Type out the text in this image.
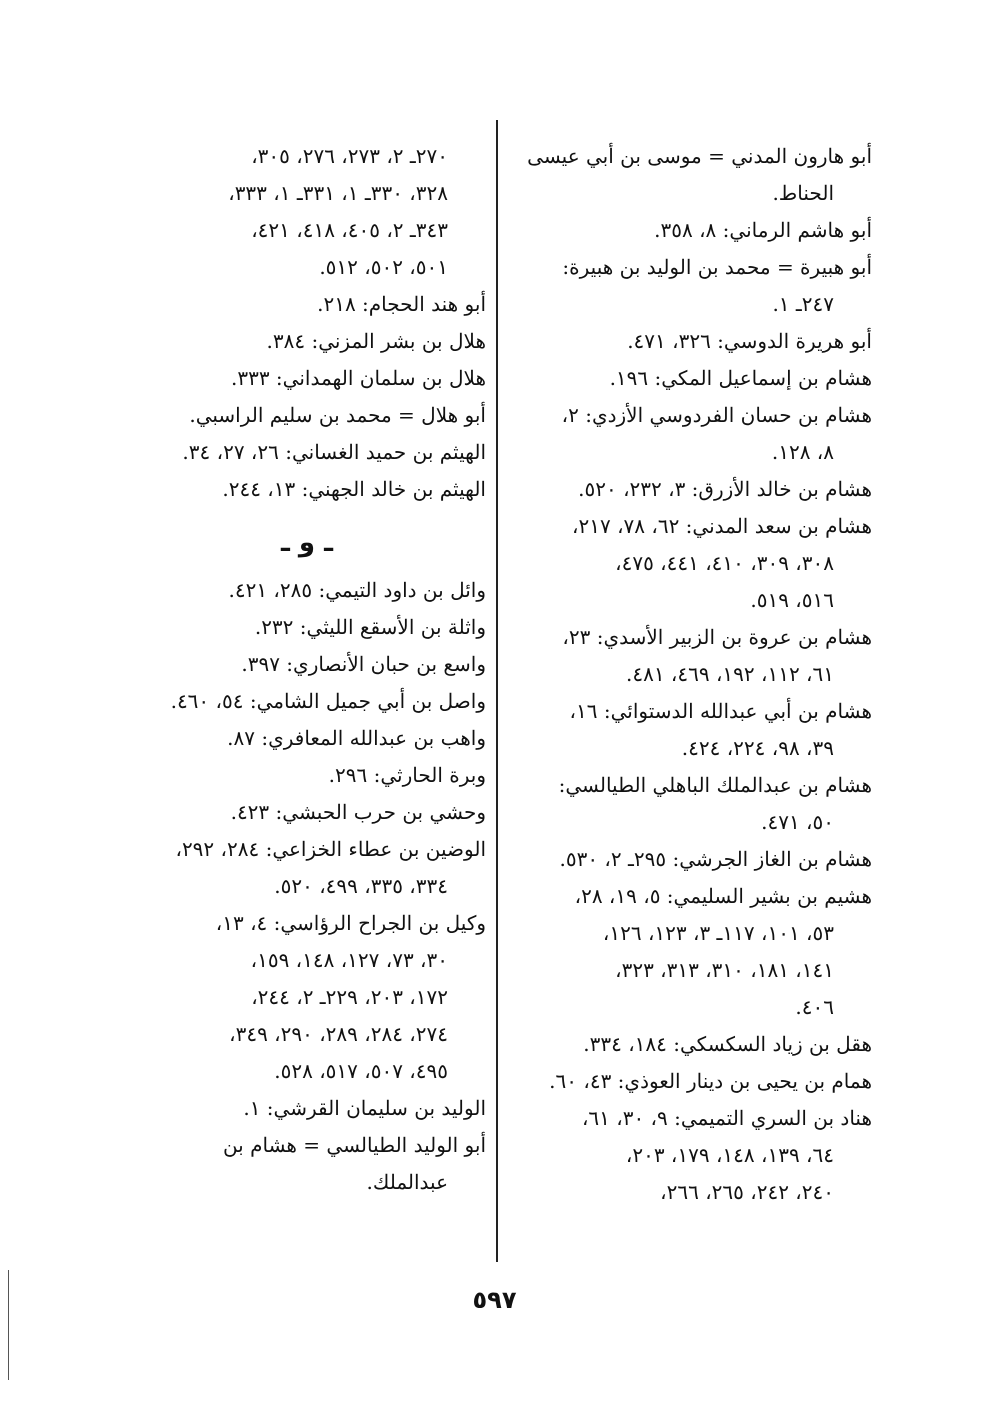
أبو هارون المدني = موسى بن أبي عيسى
الحناط.
أبو هاشم الرماني: ٨، ٣٥٨.
أبو هبيرة = محمد بن الوليد بن هبيرة:
٢٤٧ـ ١.
أبو هريرة الدوسي: ٣٢٦، ٤٧١.
هشام بن إسماعيل المكي: ١٩٦.
هشام بن حسان الفردوسي الأزدي: ٢،
٨، ١٢٨.
هشام بن خالد الأزرق: ٣، ٢٣٢، ٥٢٠.
هشام بن سعد المدني: ٦٢، ٧٨، ٢١٧،
٣٠٨، ٣٠٩، ٤١٠، ٤٤١، ٤٧٥،
٥١٦، ٥١٩.
هشام بن عروة بن الزبير الأسدي: ٢٣،
٦١، ١١٢، ١٩٢، ٤٦٩، ٤٨١.
هشام بن أبي عبدالله الدستوائي: ١٦،
٣٩، ٩٨، ٢٢٤، ٤٢٤.
هشام بن عبدالملك الباهلي الطيالسي:
٥٠، ٤٧١.
هشام بن الغاز الجرشي: ٢٩٥ـ ٢، ٥٣٠.
هشيم بن بشير السليمي: ٥، ١٩، ٢٨،
٥٣، ١٠١، ١١٧ـ ٣، ١٢٣، ١٢٦،
١٤١، ١٨١، ٣١٠، ٣١٣، ٣٢٣،
٤٠٦.
هقل بن زياد السكسكي: ١٨٤، ٣٣٤.
همام بن يحيى بن دينار العوذي: ٤٣، ٦٠.
هناد بن السري التميمي: ٩، ٣٠، ٦١،
٦٤، ١٣٩، ١٤٨، ١٧٩، ٢٠٣،
٢٤٠، ٢٤٢، ٢٦٥، ٢٦٦،
٢٧٠ـ ٢، ٢٧٣، ٢٧٦، ٣٠٥،
٣٢٨، ٣٣٠ـ ١، ٣٣١ـ ١، ٣٣٣،
٣٤٣ـ ٢، ٤٠٥، ٤١٨، ٤٢١،
٥٠١، ٥٠٢، ٥١٢.
أبو هند الحجام: ٢١٨.
هلال بن بشر المزني: ٣٨٤.
هلال بن سلمان الهمداني: ٣٣٣.
أبو هلال = محمد بن سليم الراسبي.
الهيثم بن حميد الغساني: ٢٦، ٢٧، ٣٤.
الهيثم بن خالد الجهني: ١٣، ٢٤٤.
ـ و ـ
وائل بن داود التيمي: ٢٨٥، ٤٢١.
واثلة بن الأسقع الليثي: ٢٣٢.
واسع بن حبان الأنصاري: ٣٩٧.
واصل بن أبي جميل الشامي: ٥٤، ٤٦٠.
واهب بن عبدالله المعافري: ٨٧.
وبرة الحارثي: ٢٩٦.
وحشي بن حرب الحبشي: ٤٢٣.
الوضين بن عطاء الخزاعي: ٢٨٤، ٢٩٢،
٣٣٤، ٣٣٥، ٤٩٩، ٥٢٠.
وكيل بن الجراح الرؤاسي: ٤، ١٣،
٣٠، ٧٣، ١٢٧، ١٤٨، ١٥٩،
١٧٢، ٢٠٣، ٢٢٩ـ ٢، ٢٤٤،
٢٧٤، ٢٨٤، ٢٨٩، ٢٩٠، ٣٤٩،
٤٩٥، ٥٠٧، ٥١٧، ٥٢٨.
الوليد بن سليمان القرشي: ١.
أبو الوليد الطيالسي = هشام بن
عبدالملك.
٥٩٧
